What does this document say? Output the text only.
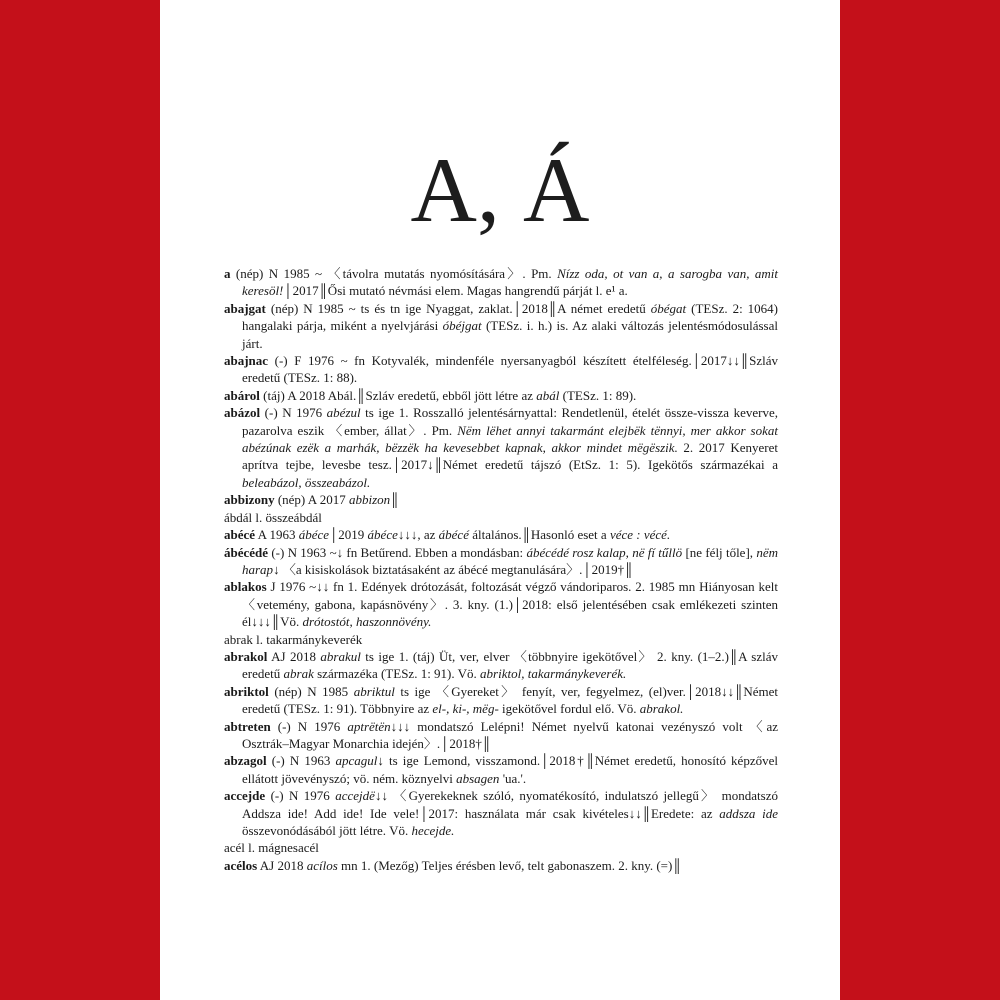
A, Á

a (nép) N 1985 ~ 〈távolra mutatás nyomósítására〉. Pm. Nízz oda, ot van a, a sarogba van, amit keresöl!│2017║Ősi mutató névmási elem. Magas hangrendű párját l. e¹ a.

abajgat (nép) N 1985 ~ ts és tn ige Nyaggat, zaklat.│2018║A német eredetű óbégat (TESz. 2: 1064) hangalaki párja, miként a nyelvjárási óbéjgat (TESz. i. h.) is. Az alaki változás jelentésmódosulással járt.

abajnac (-) F 1976 ~ fn Kotyvalék, mindenféle nyersanyagból készített ételféleség.│2017↓↓║Szláv eredetű (TESz. 1: 88).

abárol (táj) A 2018 Abál.║Szláv eredetű, ebből jött létre az abál (TESz. 1: 89).

abázol (-) N 1976 abézul ts ige 1. Rosszalló jelentésárnyattal: Rendetlenül, ételét össze-vissza keverve, pazarolva eszik 〈ember, állat〉. Pm. Nëm lëhet annyi takarmánt elejbëk tënnyi, mer akkor sokat abézúnak ezëk a marhák, bëzzëk ha kevesebbet kapnak, akkor mindet mëgëszik. 2. 2017 Kenyeret aprítva tejbe, levesbe tesz.│2017↓║Német eredetű tájszó (EtSz. 1: 5). Igekötős származékai a beleabázol, összeabázol.

abbizony (nép) A 2017 abbizon║

ábdál l. összeábdál

abécé A 1963 ábéce│2019 ábéce↓↓↓, az ábécé általános.║Hasonló eset a véce : vécé.

ábécédé (-) N 1963 ~↓ fn Betűrend. Ebben a mondásban: ábécédé rosz kalap, në fí tűllö [ne félj tőle], nëm harap↓ 〈a kisiskolások biztatásaként az ábécé megtanulására〉.│2019†║

ablakos J 1976 ~↓↓ fn 1. Edények drótozását, foltozását végző vándoriparos. 2. 1985 mn Hiányosan kelt 〈vetemény, gabona, kapásnövény〉. 3. kny. (1.)│2018: első jelentésében csak emlékezeti szinten él↓↓↓║Vö. drótostót, haszonnövény.

abrak l. takarmánykeverék

abrakol AJ 2018 abrakul ts ige 1. (táj) Üt, ver, elver 〈többnyire igekötővel〉 2. kny. (1–2.)║A szláv eredetű abrak származéka (TESz. 1: 91). Vö. abriktol, takarmánykeverék.

abriktol (nép) N 1985 abriktul ts ige 〈Gyereket〉 fenyít, ver, fegyelmez, (el)ver.│2018↓↓║Német eredetű (TESz. 1: 91). Többnyire az el-, ki-, mëg- igekötővel fordul elő. Vö. abrakol.

abtreten (-) N 1976 aptrëtën↓↓↓ mondatszó Lelépni! Német nyelvű katonai vezényszó volt 〈az Osztrák–Magyar Monarchia idején〉.│2018†║

abzagol (-) N 1963 apcagul↓ ts ige Lemond, visszamond.│2018†║Német eredetű, honosító képzővel ellátott jövevényszó; vö. ném. köznyelvi absagen 'ua.'.

accejde (-) N 1976 accejdë↓↓ 〈Gyerekeknek szóló, nyomatékosító, indulatszó jellegű〉 mondatszó Addsza ide! Add ide! Ide vele!│2017: használata már csak kivételes↓↓║Eredete: az addsza ide összevonódásából jött létre. Vö. hecejde.

acél l. mágnesacél

acélos AJ 2018 acílos mn 1. (Mezőg) Teljes érésben levő, telt gabonaszem. 2. kny. (=)║
